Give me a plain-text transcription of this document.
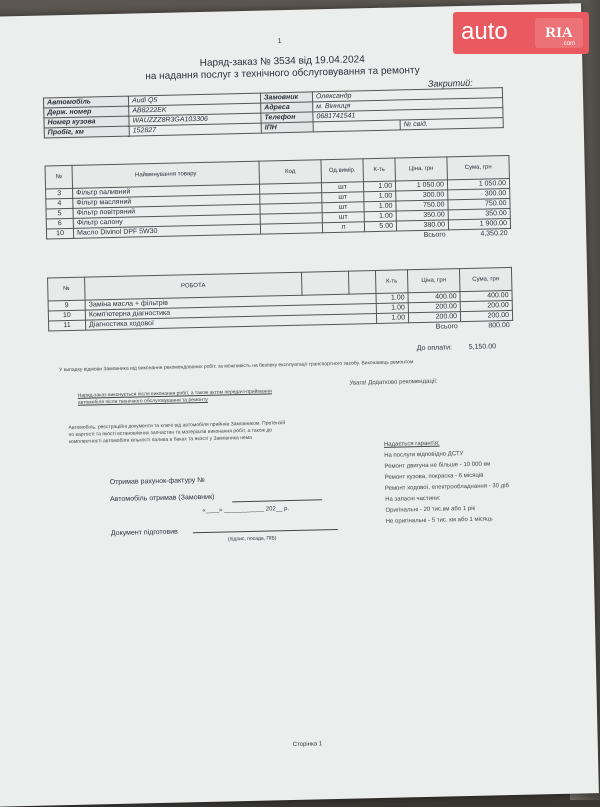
1
Наряд-заказ № 3534 від 19.04.2024
на надання послуг з технічного обслуговування та ремонту
Закритий:
Автомобіль	Audi Q5	Замовник	Олександр	
Держ. номер	AB8222EK	Адреса	м. Вінниця	
Номер кузова	WAUZZZ8R3GA103306	Телефон	0681741541	
Пробіг, км	152827	ІПН		№ свід.
№	Найменування товару	Код	Од.вимір.	К-ть	Ціна, грн	Сума, грн
3	Фільтр паливний		шт	1.00	1 050.00	1 050.00
4	Фільтр масляний		шт	1.00	300.00	300.00
5	Фільтр повітряний		шт	1.00	750.00	750.00
6	Фільтр салону		шт	1.00	350.00	350.00
10	Масло Divinol DPF 5W30		л	5.00	380.00	1 900.00
					Всього	4,350.20
№	РОБОТА			К-ть	Ціна, грн	Сума, грн
9	Заміна масла + фільтрів			1.00	400.00	400.00
10	Комп'ютерна діагностика			1.00	200.00	200.00
11	Діагностика ходової			1.00	200.00	200.00
					Всього	800.00
До оплати: 5,150.00
У випадку відмови Замовника від виконання рекомендованих робіт, за можливість на безпеку експлуатації транспортного засобу. Виконавець ремонтом
Наряд-заказ виконується після виконання робіт, а також актом передачі-приймання автомобіля після технічного обслуговування та ремонту
Увага! Додатково рекомендації:
Автомобіль, реєстраційні документи та ключі від автомобіля прийняв Замовником. Претензій по вартості та якості встановлених запчастин та матеріалів виконання робіт, а також до комплектності автомобіля кількості палива в баках та якості у Замовника нема
Отримав рахунок-фактуру №
Автомобіль отримав (Замовник)
«____» ____________ 202__ р.
Документ підготовив
(підпис, посада, ПІБ)
Надається гарантія:
На послуги відповідно ДСТУ
Ремонт двигуна не більше - 10 000 км
Ремонт кузова, покраска - 6 місяців
Ремонт ходової, електрообладнання - 30 діб
На запасні частини:
Оригінальні - 20 тис.км або 1 рік
Не оригінальні - 5 тис. км або 1 місяць
Сторінка 1
auto	RIA
.com
